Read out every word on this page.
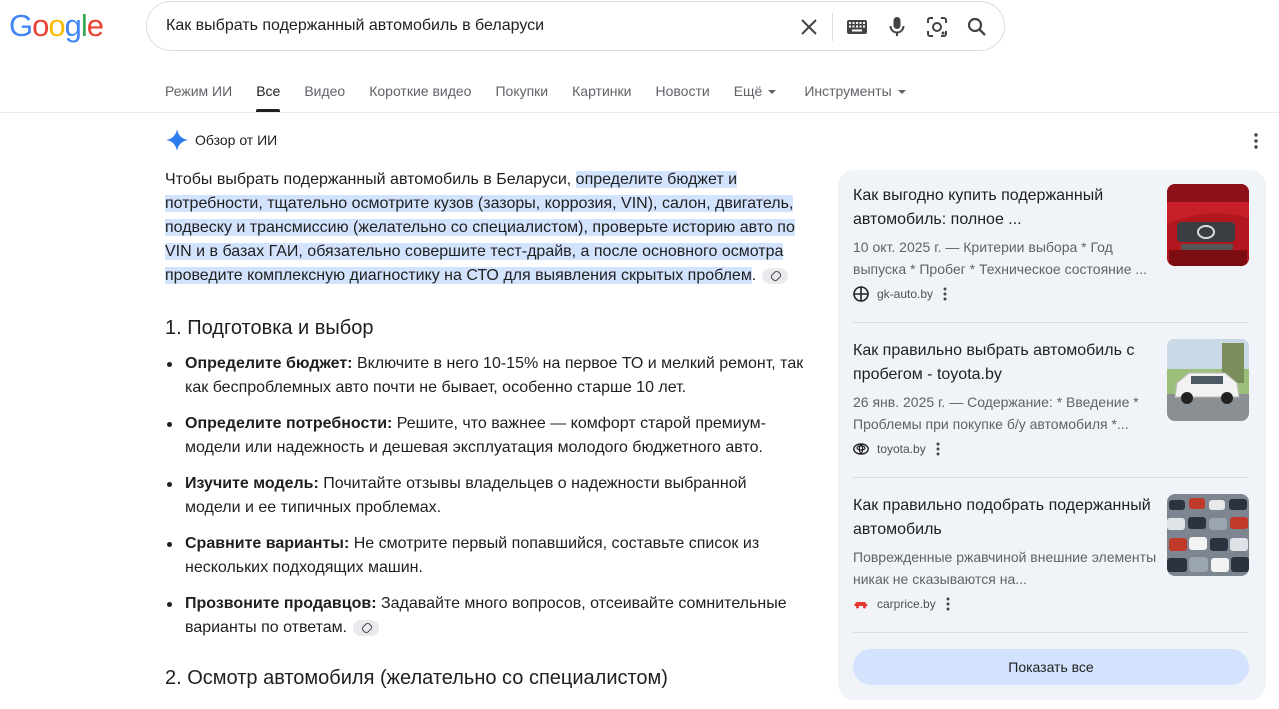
Google	Как выбрать подержанный автомобиль в беларуси
Режим ИИ Все Видео Короткие видео Покупки Картинки Новости Ещё	Инструменты
Обзор от ИИ

Чтобы выбрать подержанный автомобиль в Беларуси, определите бюджет и потребности, тщательно осмотрите кузов (зазоры, коррозия, VIN), салон, двигатель, подвеску и трансмиссию (желательно со специалистом), проверьте историю авто по VIN и в базах ГАИ, обязательно совершите тест-драйв, а после основного осмотра проведите комплексную диагностику на СТО для выявления скрытых проблем.

1. Подготовка и выбор
Определите бюджет: Включите в него 10-15% на первое ТО и мелкий ремонт, так как беспроблемных авто почти не бывает, особенно старше 10 лет.
Определите потребности: Решите, что важнее — комфорт старой премиум-модели или надежность и дешевая эксплуатация молодого бюджетного авто.
Изучите модель: Почитайте отзывы владельцев о надежности выбранной модели и ее типичных проблемах.
Сравните варианты: Не смотрите первый попавшийся, составьте список из нескольких подходящих машин.
Прозвоните продавцов: Задавайте много вопросов, отсеивайте сомнительные варианты по ответам.
2. Осмотр автомобиля (желательно со специалистом)
Как выгодно купить подержанный автомобиль: полное ...
10 окт. 2025 г. — Критерии выбора * Год выпуска * Пробег * Техническое состояние ...
gk-auto.by
Как правильно выбрать автомобиль с пробегом - toyota.by
26 янв. 2025 г. — Содержание: * Введение * Проблемы при покупке б/у автомобиля *...
toyota.by
Как правильно подобрать подержанный автомобиль
Поврежденные ржавчиной внешние элементы никак не сказываются на...
carprice.by
Показать все
